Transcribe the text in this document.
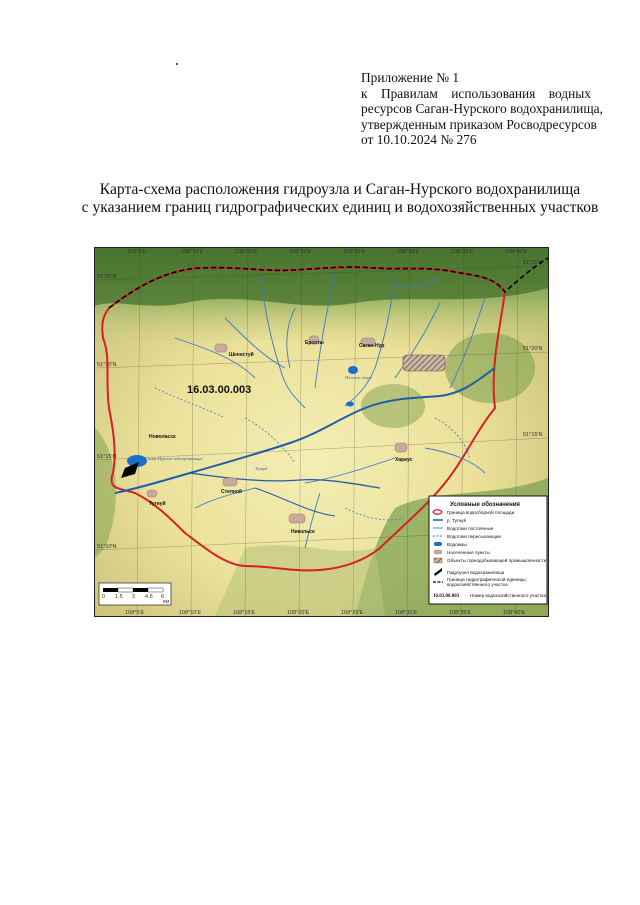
Приложение № 1
к Правилам использования водных
ресурсов Саган-Нурского водохранилища,
утвержденным приказом Росводресурсов
от 10.10.2024 № 276
Карта-схема расположения гидроузла и Саган-Нурского водохранилища
с указанием границ гидрографических единиц и водохозяйственных участков
108°5'E	108°10'E	108°15'E	108°20'E	108°25'E	108°30'E	108°35'E	108°40'E
108°5'E	108°10'E	108°15'E	108°20'E	108°25'E	108°30'E	108°35'E	108°40'E
51°25'N
51°20'N
51°15'N
51°10'N
51°25'N
51°20'N
51°15'N
Шенестуй
Ерсоты	Саган-Нур
Новоласск
Хараус
Степной
Тугнуй
Никольск
Саган-Нурское водохранилище
Плоское озеро
Тугнуй
16.03.00.003
0 1.5 3 4.5 6
км
Условные обозначения
Граница водосборной площади
р. Тугнуй
Водотоки постоянные
Водотоки пересыхающие
Водоемы
Населенные пункты
Объекты горнодобывающей промышленности
Гидроузел водохранилища
Граница гидрографической единицы, водохозяйственного участка
16.03.00.003 Номер водохозяйственного участка
